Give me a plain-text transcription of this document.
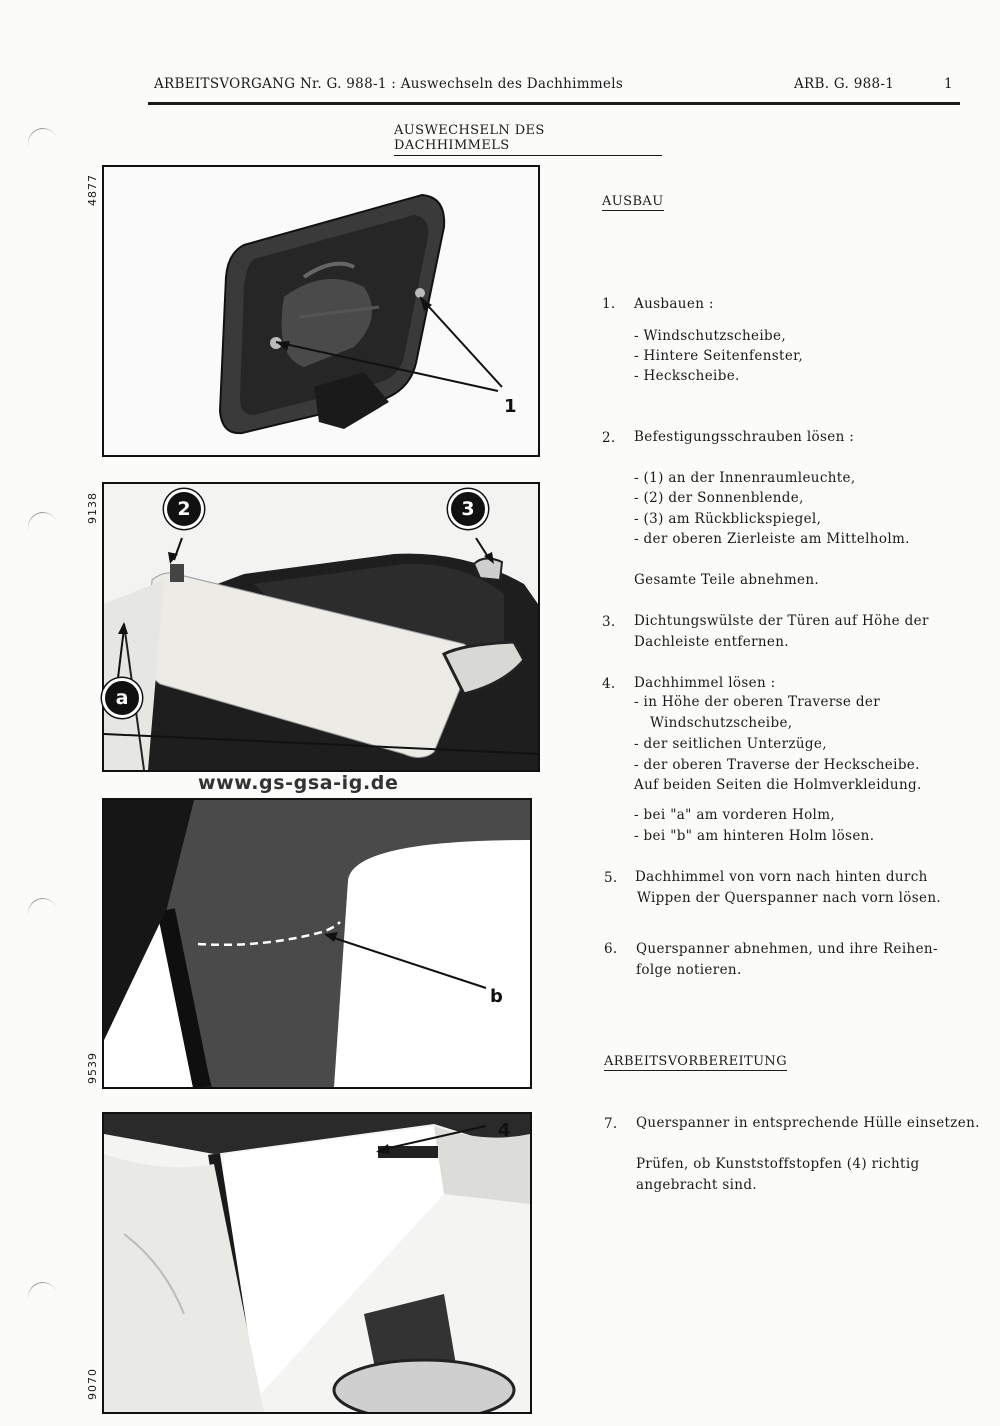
ARBEITSVORGANG Nr. G. 988-1 : Auswechseln des Dachhimmels	ARB. G. 988-1	1
AUSWECHSELN DES DACHHIMMELS
4877
9138
9539
9070
1
2	3
a
www.gs-gsa-ig.de
b
4
AUSBAU
1. Ausbauen :
- Windschutzscheibe,
- Hintere Seitenfenster,
- Heckscheibe.
2. Befestigungsschrauben lösen :
- (1) an der Innenraumleuchte,
- (2) der Sonnenblende,
- (3) am Rückblickspiegel,
- der oberen Zierleiste am Mittelholm.
Gesamte Teile abnehmen.
3. Dichtungswülste der Türen auf Höhe der
Dachleiste entfernen.
4. Dachhimmel lösen :
- in Höhe der oberen Traverse der
Windschutzscheibe,
- der seitlichen Unterzüge,
- der oberen Traverse der Heckscheibe.
Auf beiden Seiten die Holmverkleidung.
- bei "a" am vorderen Holm,
- bei "b" am hinteren Holm lösen.
5. Dachhimmel von vorn nach hinten durch
Wippen der Querspanner nach vorn lösen.
6. Querspanner abnehmen, und ihre Reihen-
folge notieren.
ARBEITSVORBEREITUNG
7. Querspanner in entsprechende Hülle einsetzen.
Prüfen, ob Kunststoffstopfen (4) richtig
angebracht sind.
